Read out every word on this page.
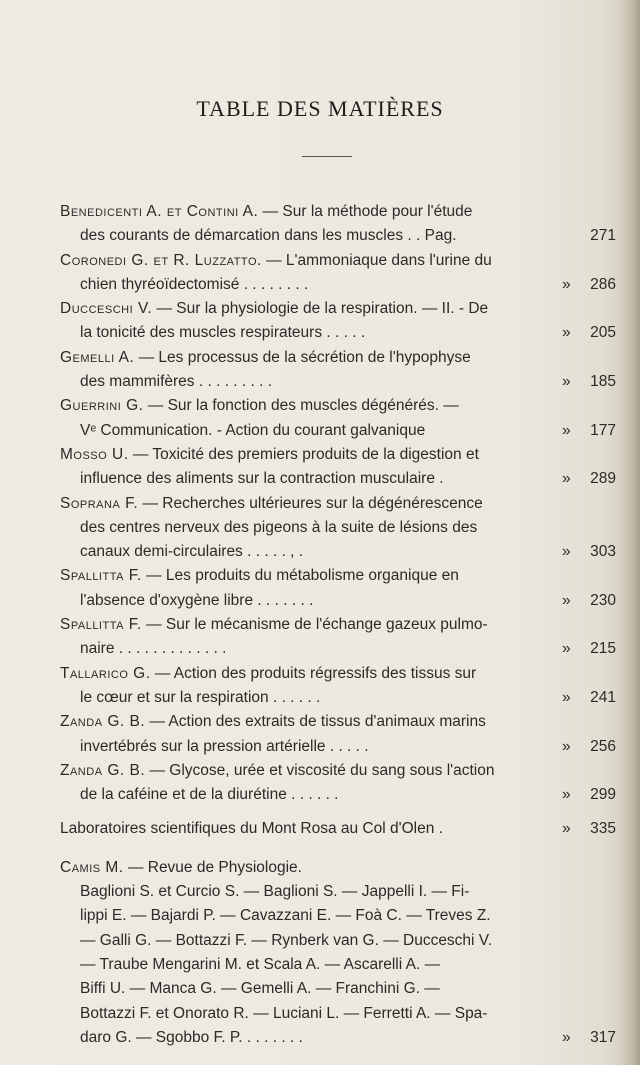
TABLE DES MATIÈRES
Benedicenti A. et Contini A. — Sur la méthode pour l'étude
des courants de démarcation dans les muscles . . Pag.	271
Coronedi G. et R. Luzzatto. — L'ammoniaque dans l'urine du
chien thyréoïdectomisé . . . . . . . .	»	286
Ducceschi V. — Sur la physiologie de la respiration. — II. - De
la tonicité des muscles respirateurs . . . . .	»	205
Gemelli A. — Les processus de la sécrétion de l'hypophyse
des mammifères . . . . . . . . .	»	185
Guerrini G. — Sur la fonction des muscles dégénérés. —
Vᵉ Communication. - Action du courant galvanique	»	177
Mosso U. — Toxicité des premiers produits de la digestion et
influence des aliments sur la contraction musculaire .	»	289
Soprana F. — Recherches ultérieures sur la dégénérescence
des centres nerveux des pigeons à la suite de lésions des
canaux demi-circulaires . . . . . , .	»	303
Spallitta F. — Les produits du métabolisme organique en
l'absence d'oxygène libre . . . . . . .	»	230
Spallitta F. — Sur le mécanisme de l'échange gazeux pulmo-
naire . . . . . . . . . . . . .	»	215
Tallarico G. — Action des produits régressifs des tissus sur
le cœur et sur la respiration . . . . . .	»	241
Zanda G. B. — Action des extraits de tissus d'animaux marins
invertébrés sur la pression artérielle . . . . .	»	256
Zanda G. B. — Glycose, urée et viscosité du sang sous l'action
de la caféine et de la diurétine . . . . . .	»	299
Laboratoires scientifiques du Mont Rosa au Col d'Olen .	»	335
Camis M. — Revue de Physiologie.
Baglioni S. et Curcio S. — Baglioni S. — Jappelli I. — Fi-
lippi E. — Bajardi P. — Cavazzani E. — Foà C. — Treves Z.
— Galli G. — Bottazzi F. — Rynberk van G. — Ducceschi V.
— Traube Mengarini M. et Scala A. — Ascarelli A. —
Biffi U. — Manca G. — Gemelli A. — Franchini G. —
Bottazzi F. et Onorato R. — Luciani L. — Ferretti A. — Spa-
daro G. — Sgobbo F. P. . . . . . . .	»	317
